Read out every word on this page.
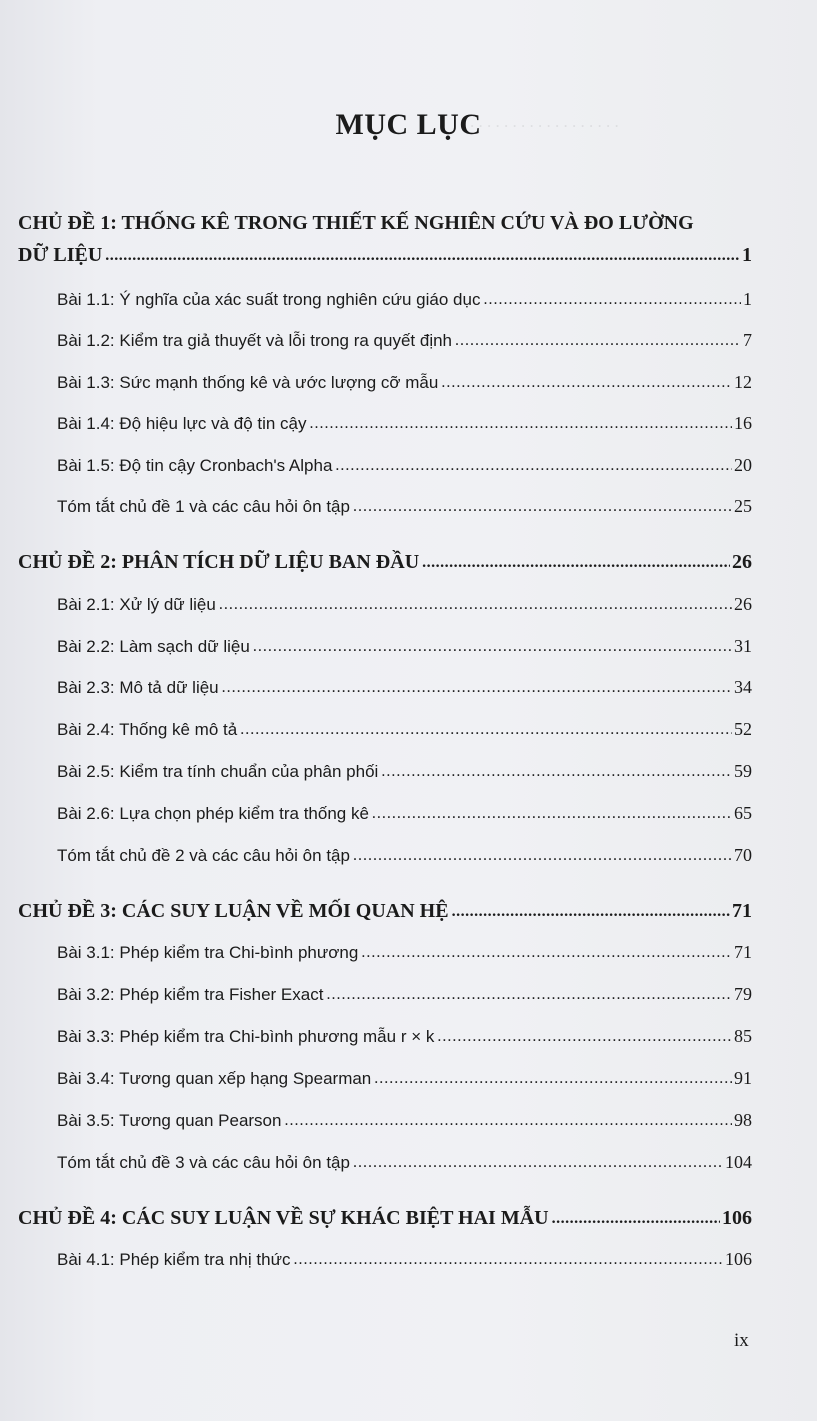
. . . . . . . . . . . . . . . . . .
MỤC LỤC
CHỦ ĐỀ 1: THỐNG KÊ TRONG THIẾT KẾ NGHIÊN CỨU VÀ ĐO LƯỜNG
DỮ LIỆU .....	1
Bài 1.1: Ý nghĩa của xác suất trong nghiên cứu giáo dục .....	1
Bài 1.2: Kiểm tra giả thuyết và lỗi trong ra quyết định .....	7
Bài 1.3: Sức mạnh thống kê và ước lượng cỡ mẫu .....	12
Bài 1.4: Độ hiệu lực và độ tin cậy .....	16
Bài 1.5: Độ tin cậy Cronbach's Alpha .....	20
Tóm tắt chủ đề 1 và các câu hỏi ôn tập .....	25
CHỦ ĐỀ 2: PHÂN TÍCH DỮ LIỆU BAN ĐẦU .....	26
Bài 2.1: Xử lý dữ liệu .....	26
Bài 2.2: Làm sạch dữ liệu .....	31
Bài 2.3: Mô tả dữ liệu .....	34
Bài 2.4: Thống kê mô tả .....	52
Bài 2.5: Kiểm tra tính chuẩn của phân phối .....	59
Bài 2.6: Lựa chọn phép kiểm tra thống kê .....	65
Tóm tắt chủ đề 2 và các câu hỏi ôn tập .....	70
CHỦ ĐỀ 3: CÁC SUY LUẬN VỀ MỐI QUAN HỆ .....	71
Bài 3.1: Phép kiểm tra Chi-bình phương .....	71
Bài 3.2: Phép kiểm tra Fisher Exact .....	79
Bài 3.3: Phép kiểm tra Chi-bình phương mẫu r × k .....	85
Bài 3.4: Tương quan xếp hạng Spearman .....	91
Bài 3.5: Tương quan Pearson .....	98
Tóm tắt chủ đề 3 và các câu hỏi ôn tập .....	104
CHỦ ĐỀ 4: CÁC SUY LUẬN VỀ SỰ KHÁC BIỆT HAI MẪU .....	106
Bài 4.1: Phép kiểm tra nhị thức .....	106
ix
